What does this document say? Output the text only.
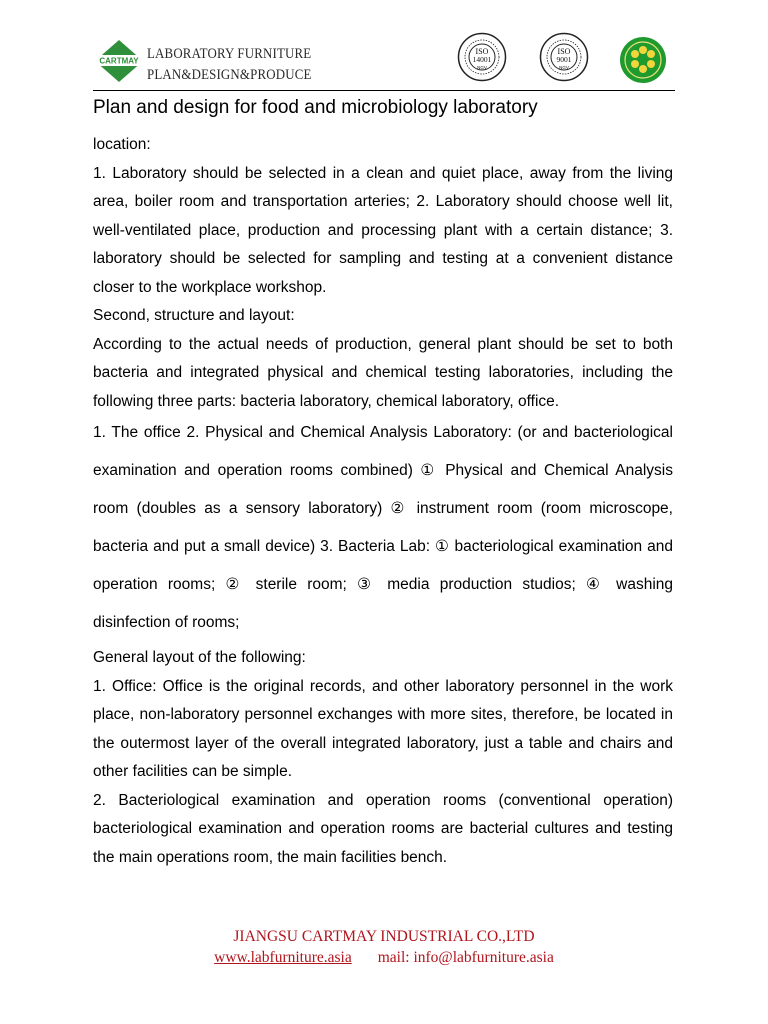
CARTMAY LABORATORY FURNITURE
PLAN&DESIGN&PRODUCE
ISO
14001
NGV
ISO
9001
NGV
Plan and design for food and microbiology laboratory

location:

1. Laboratory should be selected in a clean and quiet place, away from the living area, boiler room and transportation arteries; 2. Laboratory should choose well lit, well-ventilated place, production and processing plant with a certain distance; 3. laboratory should be selected for sampling and testing at a convenient distance closer to the workplace workshop.

Second, structure and layout:

According to the actual needs of production, general plant should be set to both bacteria and integrated physical and chemical testing laboratories, including the following three parts: bacteria laboratory, chemical laboratory, office.

1. The office 2. Physical and Chemical Analysis Laboratory: (or and bacteriological examination and operation rooms combined) ① Physical and Chemical Analysis room (doubles as a sensory laboratory) ② instrument room (room microscope, bacteria and put a small device) 3. Bacteria Lab: ① bacteriological examination and operation rooms; ② sterile room; ③ media production studios; ④ washing disinfection of rooms;

General layout of the following:

1. Office: Office is the original records, and other laboratory personnel in the work place, non-laboratory personnel exchanges with more sites, therefore, be located in the outermost layer of the overall integrated laboratory, just a table and chairs and other facilities can be simple.

2. Bacteriological examination and operation rooms (conventional operation) bacteriological examination and operation rooms are bacterial cultures and testing the main operations room, the main facilities bench.

JIANGSU CARTMAY INDUSTRIAL CO.,LTD
www.labfurniture.asia mail: info@labfurniture.asia
